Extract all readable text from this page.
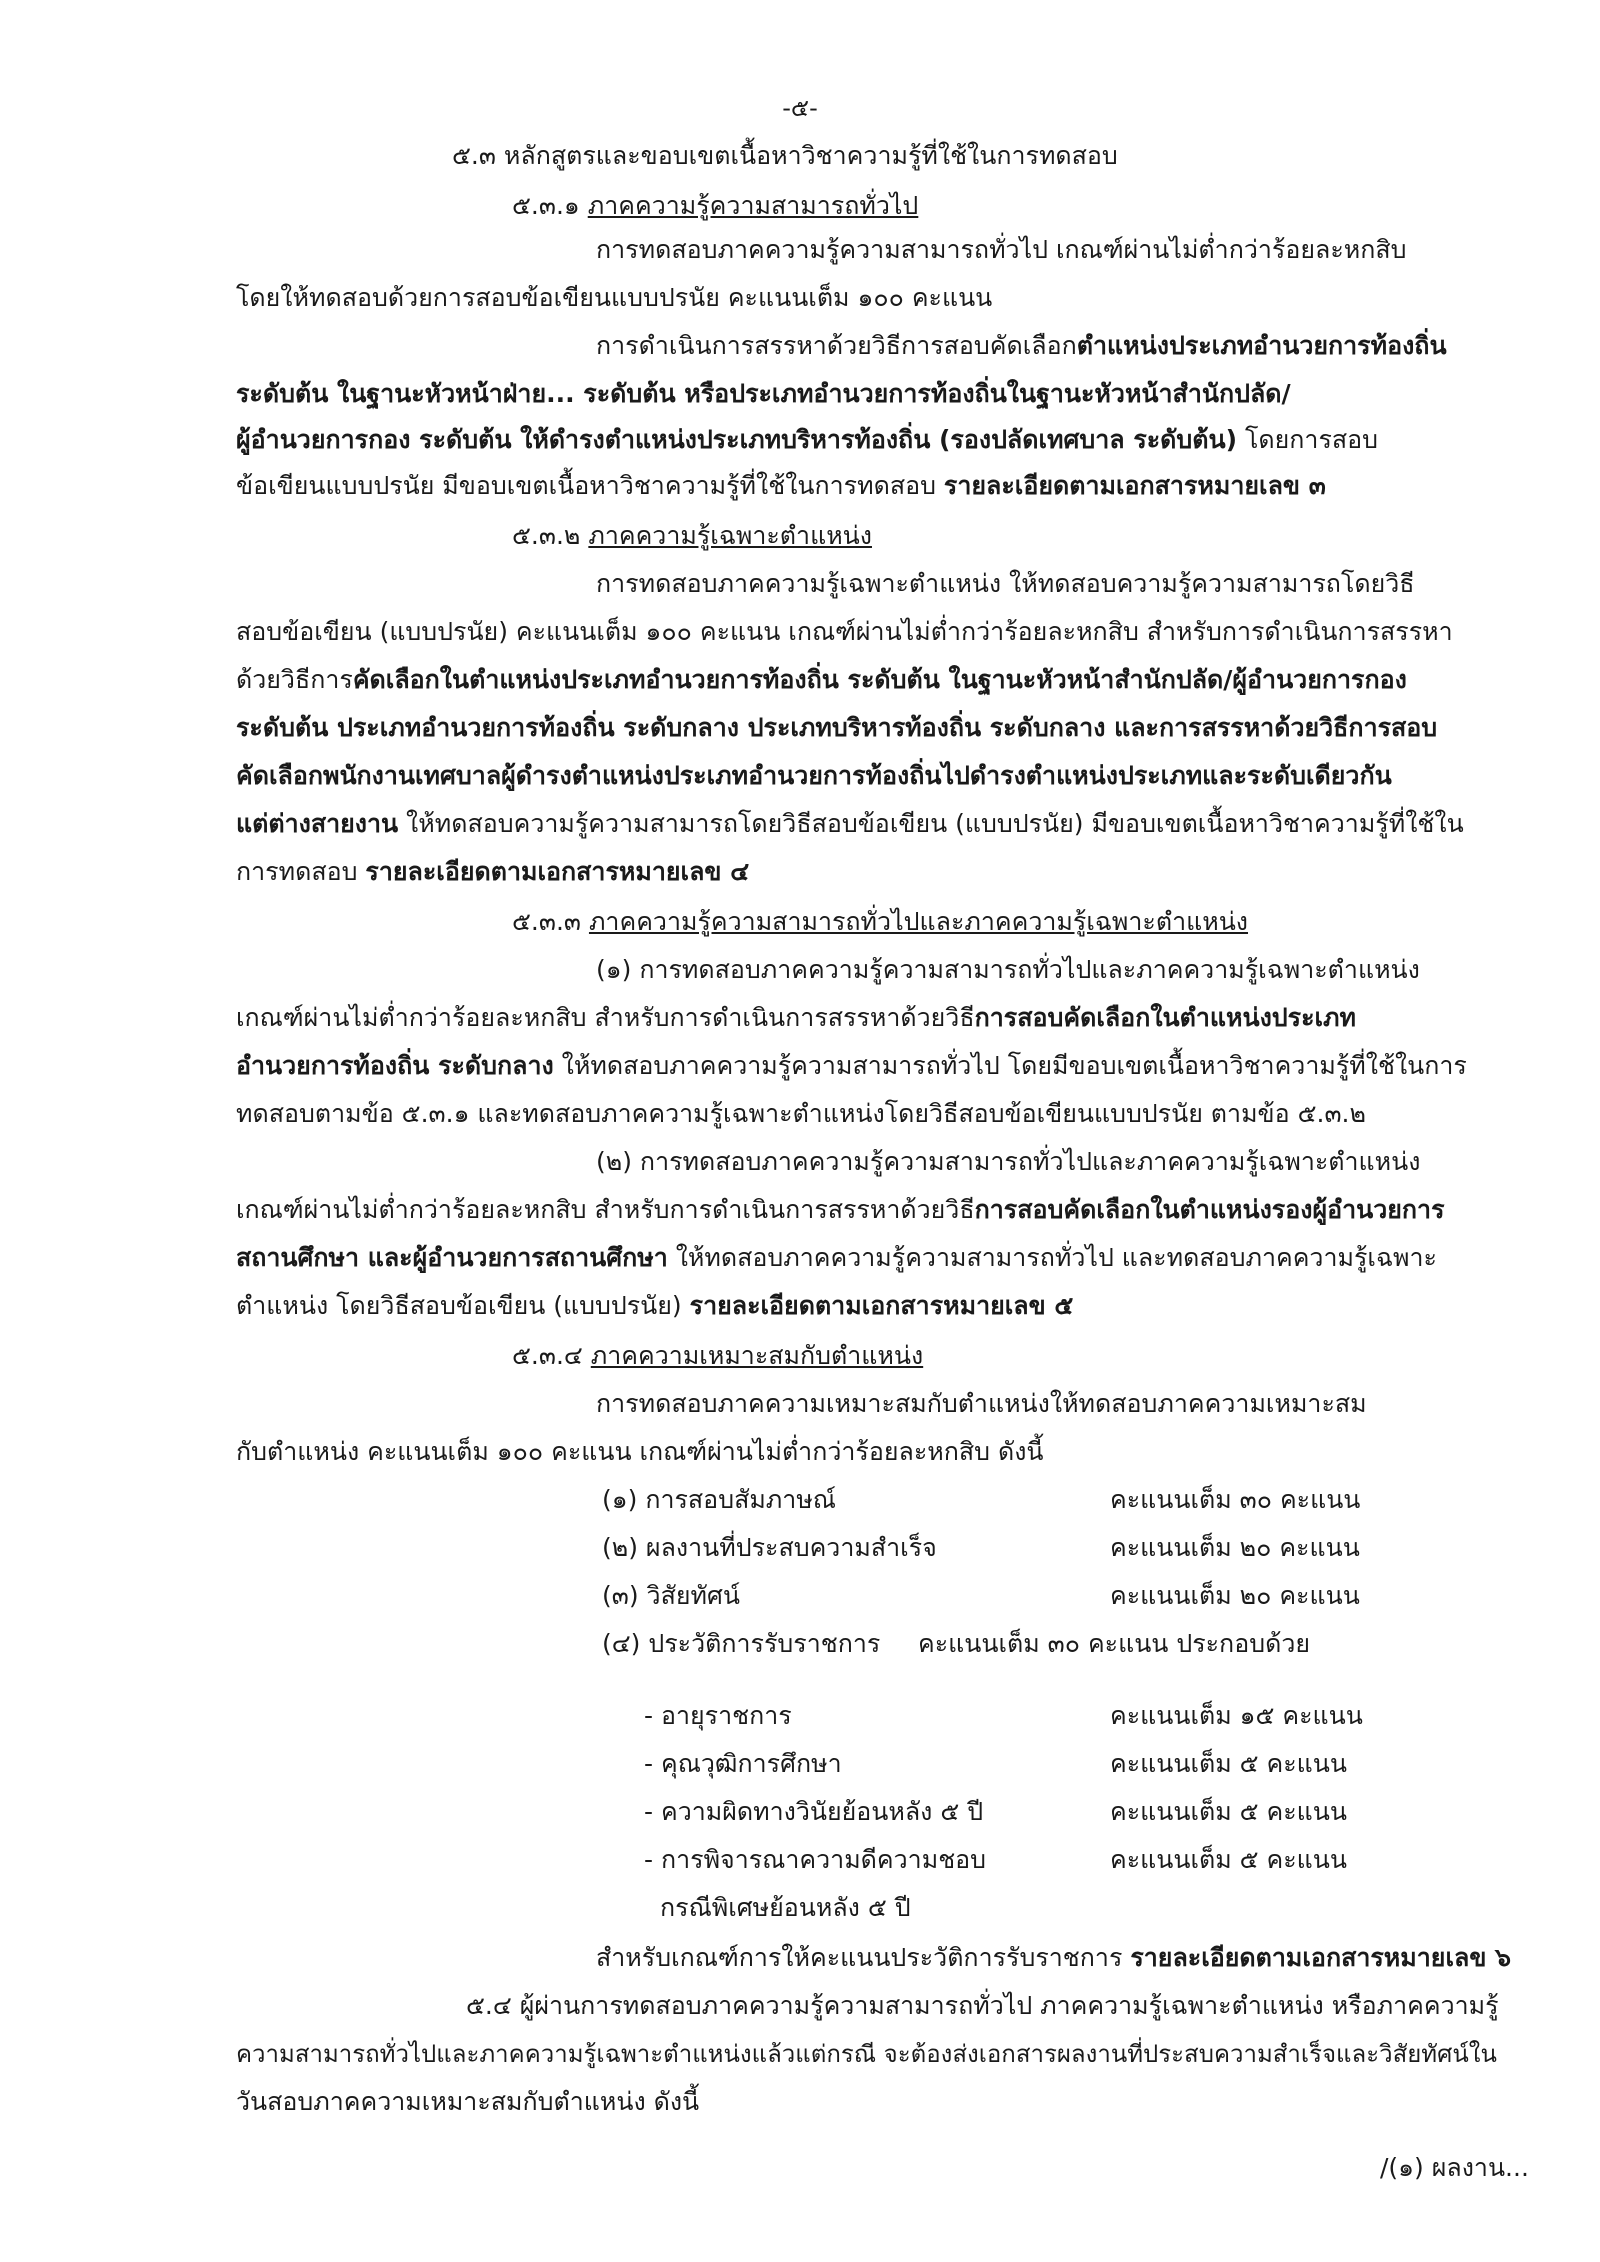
-๕-
๕.๓ หลักสูตรและขอบเขตเนื้อหาวิชาความรู้ที่ใช้ในการทดสอบ
๕.๓.๑ ภาคความรู้ความสามารถทั่วไป
การทดสอบภาคความรู้ความสามารถทั่วไป เกณฑ์ผ่านไม่ต่ำกว่าร้อยละหกสิบ
โดยให้ทดสอบด้วยการสอบข้อเขียนแบบปรนัย คะแนนเต็ม ๑๐๐ คะแนน
การดำเนินการสรรหาด้วยวิธีการสอบคัดเลือกตำแหน่งประเภทอำนวยการท้องถิ่น
ระดับต้น ในฐานะหัวหน้าฝ่าย... ระดับต้น หรือประเภทอำนวยการท้องถิ่นในฐานะหัวหน้าสำนักปลัด/
ผู้อำนวยการกอง ระดับต้น ให้ดำรงตำแหน่งประเภทบริหารท้องถิ่น (รองปลัดเทศบาล ระดับต้น) โดยการสอบ
ข้อเขียนแบบปรนัย มีขอบเขตเนื้อหาวิชาความรู้ที่ใช้ในการทดสอบ รายละเอียดตามเอกสารหมายเลข ๓
๕.๓.๒ ภาคความรู้เฉพาะตำแหน่ง
การทดสอบภาคความรู้เฉพาะตำแหน่ง ให้ทดสอบความรู้ความสามารถโดยวิธี
สอบข้อเขียน (แบบปรนัย) คะแนนเต็ม ๑๐๐ คะแนน เกณฑ์ผ่านไม่ต่ำกว่าร้อยละหกสิบ สำหรับการดำเนินการสรรหา
ด้วยวิธีการคัดเลือกในตำแหน่งประเภทอำนวยการท้องถิ่น ระดับต้น ในฐานะหัวหน้าสำนักปลัด/ผู้อำนวยการกอง
ระดับต้น ประเภทอำนวยการท้องถิ่น ระดับกลาง ประเภทบริหารท้องถิ่น ระดับกลาง และการสรรหาด้วยวิธีการสอบ
คัดเลือกพนักงานเทศบาลผู้ดำรงตำแหน่งประเภทอำนวยการท้องถิ่นไปดำรงตำแหน่งประเภทและระดับเดียวกัน
แต่ต่างสายงาน ให้ทดสอบความรู้ความสามารถโดยวิธีสอบข้อเขียน (แบบปรนัย) มีขอบเขตเนื้อหาวิชาความรู้ที่ใช้ใน
การทดสอบ รายละเอียดตามเอกสารหมายเลข ๔
๕.๓.๓ ภาคความรู้ความสามารถทั่วไปและภาคความรู้เฉพาะตำแหน่ง
(๑) การทดสอบภาคความรู้ความสามารถทั่วไปและภาคความรู้เฉพาะตำแหน่ง
เกณฑ์ผ่านไม่ต่ำกว่าร้อยละหกสิบ สำหรับการดำเนินการสรรหาด้วยวิธีการสอบคัดเลือกในตำแหน่งประเภท
อำนวยการท้องถิ่น ระดับกลาง ให้ทดสอบภาคความรู้ความสามารถทั่วไป โดยมีขอบเขตเนื้อหาวิชาความรู้ที่ใช้ในการ
ทดสอบตามข้อ ๕.๓.๑ และทดสอบภาคความรู้เฉพาะตำแหน่งโดยวิธีสอบข้อเขียนแบบปรนัย ตามข้อ ๕.๓.๒
(๒) การทดสอบภาคความรู้ความสามารถทั่วไปและภาคความรู้เฉพาะตำแหน่ง
เกณฑ์ผ่านไม่ต่ำกว่าร้อยละหกสิบ สำหรับการดำเนินการสรรหาด้วยวิธีการสอบคัดเลือกในตำแหน่งรองผู้อำนวยการ
สถานศึกษา และผู้อำนวยการสถานศึกษา ให้ทดสอบภาคความรู้ความสามารถทั่วไป และทดสอบภาคความรู้เฉพาะ
ตำแหน่ง โดยวิธีสอบข้อเขียน (แบบปรนัย) รายละเอียดตามเอกสารหมายเลข ๕
๕.๓.๔ ภาคความเหมาะสมกับตำแหน่ง
การทดสอบภาคความเหมาะสมกับตำแหน่งให้ทดสอบภาคความเหมาะสม
กับตำแหน่ง คะแนนเต็ม ๑๐๐ คะแนน เกณฑ์ผ่านไม่ต่ำกว่าร้อยละหกสิบ ดังนี้
(๑) การสอบสัมภาษณ์	คะแนนเต็ม ๓๐ คะแนน
(๒) ผลงานที่ประสบความสำเร็จ	คะแนนเต็ม ๒๐ คะแนน
(๓) วิสัยทัศน์	คะแนนเต็ม ๒๐ คะแนน
(๔) ประวัติการรับราชการ คะแนนเต็ม ๓๐ คะแนน ประกอบด้วย
- อายุราชการ	คะแนนเต็ม ๑๕ คะแนน
- คุณวุฒิการศึกษา	คะแนนเต็ม ๕ คะแนน
- ความผิดทางวินัยย้อนหลัง ๕ ปี	คะแนนเต็ม ๕ คะแนน
- การพิจารณาความดีความชอบ	คะแนนเต็ม ๕ คะแนน
กรณีพิเศษย้อนหลัง ๕ ปี
สำหรับเกณฑ์การให้คะแนนประวัติการรับราชการ รายละเอียดตามเอกสารหมายเลข ๖
๕.๔ ผู้ผ่านการทดสอบภาคความรู้ความสามารถทั่วไป ภาคความรู้เฉพาะตำแหน่ง หรือภาคความรู้
ความสามารถทั่วไปและภาคความรู้เฉพาะตำแหน่งแล้วแต่กรณี จะต้องส่งเอกสารผลงานที่ประสบความสำเร็จและวิสัยทัศน์ใน
วันสอบภาคความเหมาะสมกับตำแหน่ง ดังนี้
/(๑) ผลงาน...
